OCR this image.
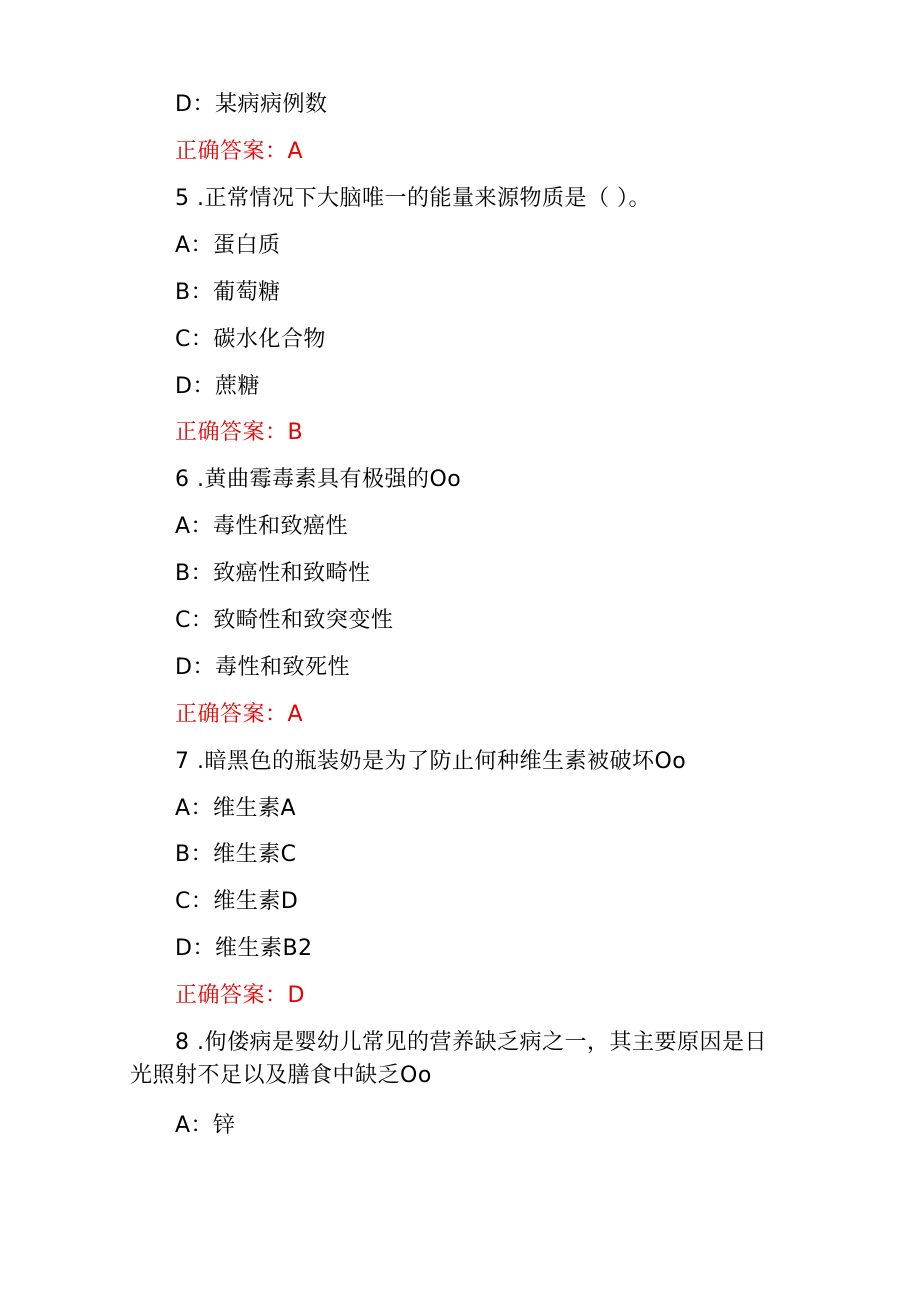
D：某病病例数
正确答案：A
5 .正常情况下大脑唯一的能量来源物质是（ ）。
A：蛋白质
B：葡萄糖
C：碳水化合物
D：蔗糖
正确答案：B
6 .黄曲霉毒素具有极强的Oo
A：毒性和致癌性
B：致癌性和致畸性
C：致畸性和致突变性
D：毒性和致死性
正确答案：A
7 .暗黑色的瓶装奶是为了防止何种维生素被破坏Oo
A：维生素A
B：维生素C
C：维生素D
D：维生素B2
正确答案：D
8 .佝偻病是婴幼儿常见的营养缺乏病之一，其主要原因是日
光照射不足以及膳食中缺乏Oo
A：锌
